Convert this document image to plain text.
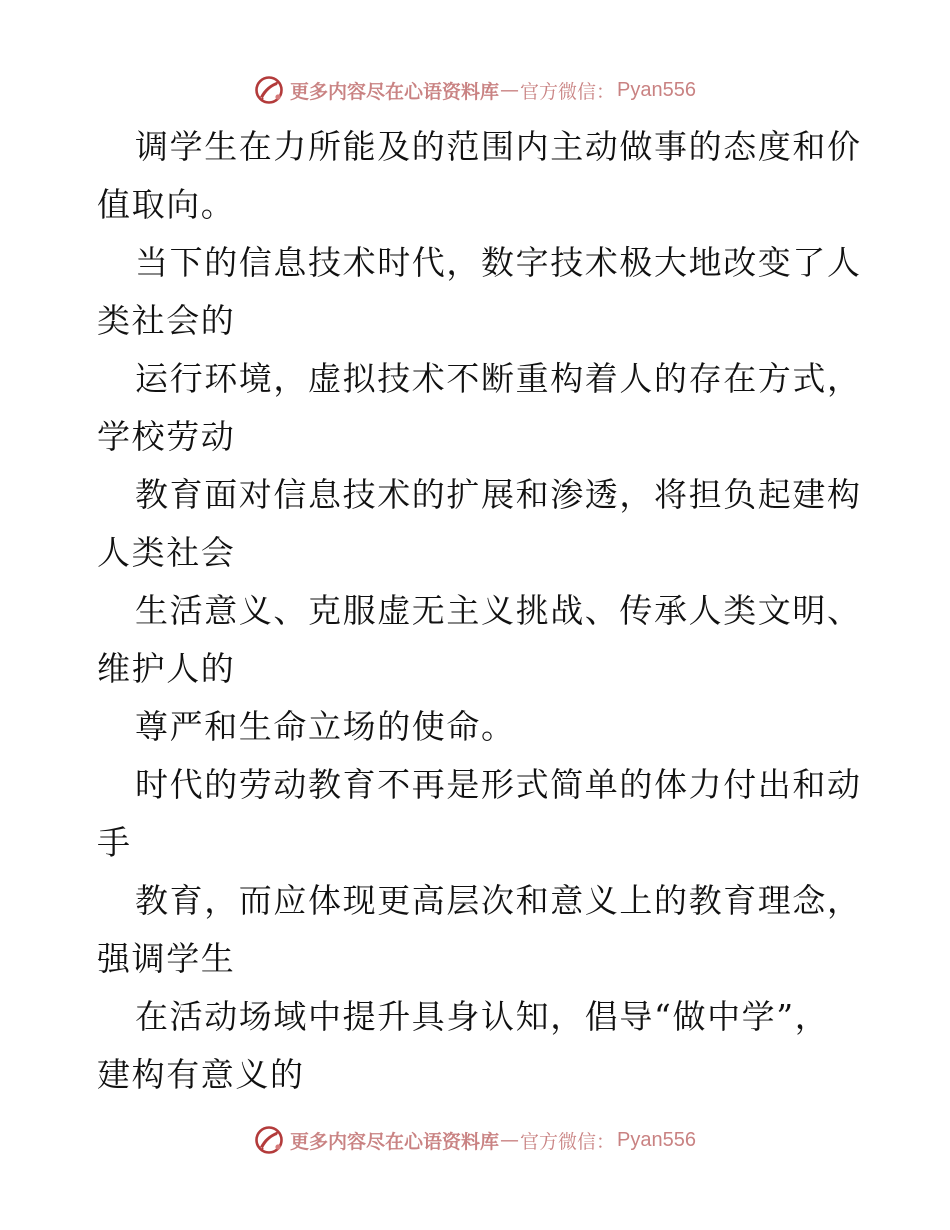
更多内容尽在心语资料库 — 官方微信： Pyan556
调学生在力所能及的范围内主动做事的态度和价
值取向。
当下的信息技术时代，数字技术极大地改变了人
类社会的
运行环境，虚拟技术不断重构着人的存在方式，
学校劳动
教育面对信息技术的扩展和渗透，将担负起建构
人类社会
生活意义、克服虚无主义挑战、传承人类文明、
维护人的
尊严和生命立场的使命。
时代的劳动教育不再是形式简单的体力付出和动
手
教育，而应体现更高层次和意义上的教育理念，
强调学生
在活动场域中提升具身认知，倡导“做中学”，
建构有意义的
更多内容尽在心语资料库 — 官方微信： Pyan556
